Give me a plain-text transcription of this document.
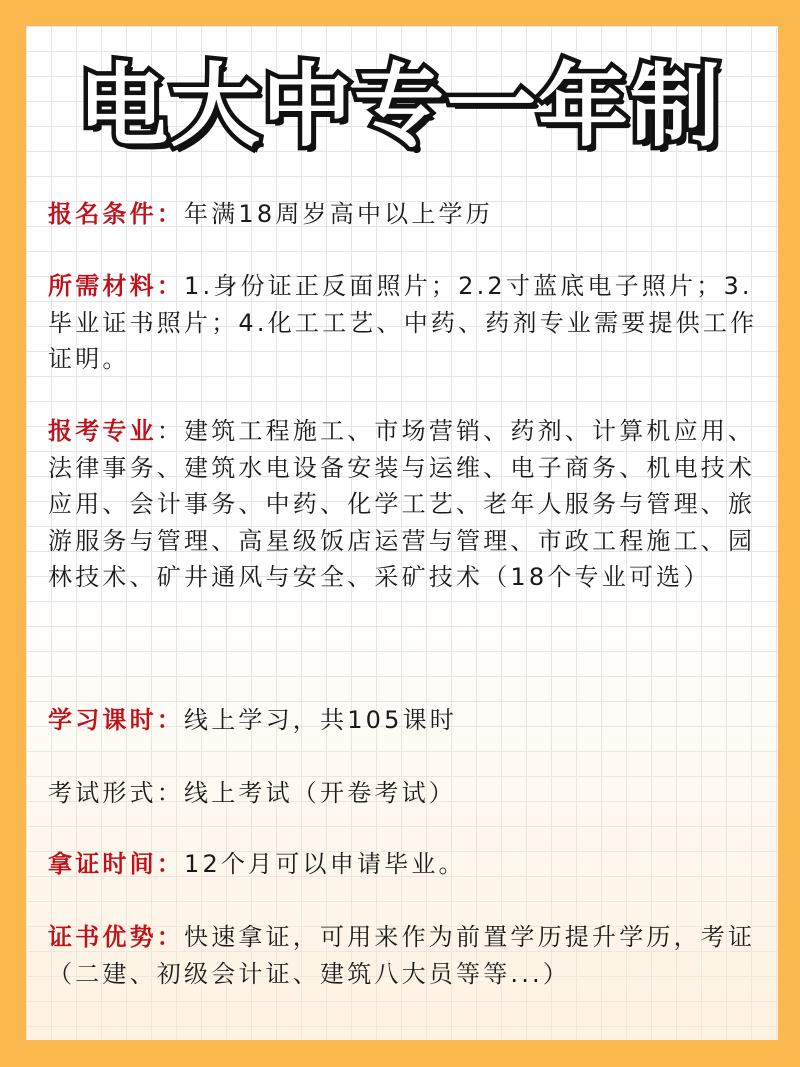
电大中专一年制
报名条件：年满18周岁高中以上学历
所需材料：1.身份证正反面照片；2.2寸蓝底电子照片；3.毕业证书照片；4.化工工艺、中药、药剂专业需要提供工作证明。
报考专业：建筑工程施工、市场营销、药剂、计算机应用、法律事务、建筑水电设备安装与运维、电子商务、机电技术应用、会计事务、中药、化学工艺、老年人服务与管理、旅游服务与管理、高星级饭店运营与管理、市政工程施工、园林技术、矿井通风与安全、采矿技术（18个专业可选）
学习课时：线上学习，共105课时
考试形式：线上考试（开卷考试）
拿证时间：12个月可以申请毕业。
证书优势：快速拿证，可用来作为前置学历提升学历，考证（二建、初级会计证、建筑八大员等等...）
